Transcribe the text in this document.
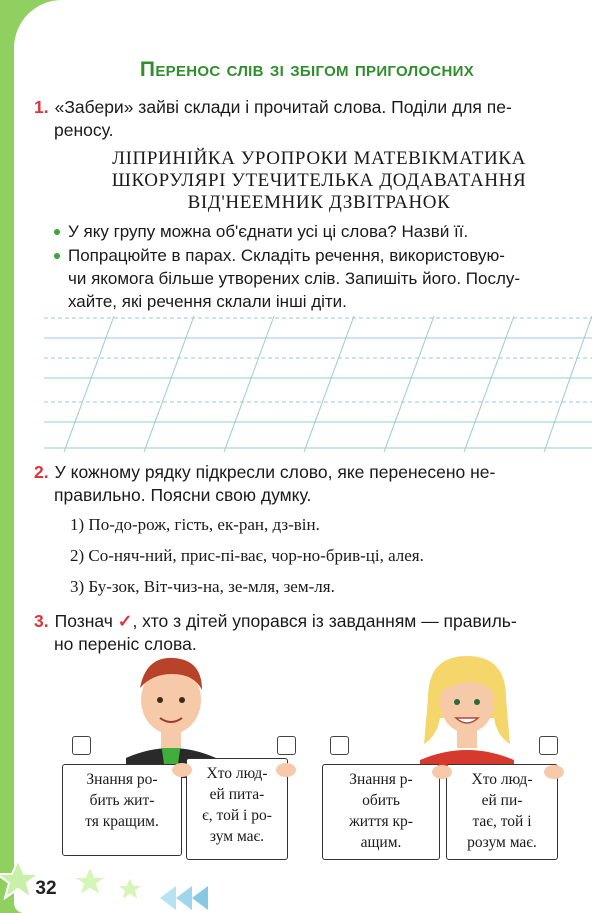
Перенос слів зі збігом приголосних
1. «Забери» зайві склади і прочитай слова. Поділи для пе-
реносу.
ЛІПРИНІЙКА УРОПРОКИ МАТЕВІКМАТИКА
ШКОРУЛЯРІ УТЕЧИТЕЛЬКА ДОДАВАТАННЯ
ВІД'НЕЕМНИК ДЗВІТРАНОК
У яку групу можна об'єднати усі ці слова? Назви́ її.
Попрацюйте в парах. Складіть речення, використовую-
чи якомога більше утворених слів. Запишіть його. Послу-
хайте, які речення склали інші діти.
2. У кожному рядку підкресли слово, яке перенесено не-
правильно. Поясни свою думку.
1) По-до-рож, гість, ек-ран, дз-він.
2) Со-няч-ний, прис-пі-ває, чор-но-брив-ці, алея.
3) Бу-зок, Віт-чиз-на, зе-мля, зем-ля.
3. Познач ✓, хто з дітей упорався із завданням — правиль-
но переніс слова.
Знання ро-
бить жит-
тя кращим.
Хто люд-
ей пита-
є, той і ро-
зум має.
Знання р-
обить
життя кр-
ащим.
Хто люд-
ей пи-
тає, той і
розум має.
32
